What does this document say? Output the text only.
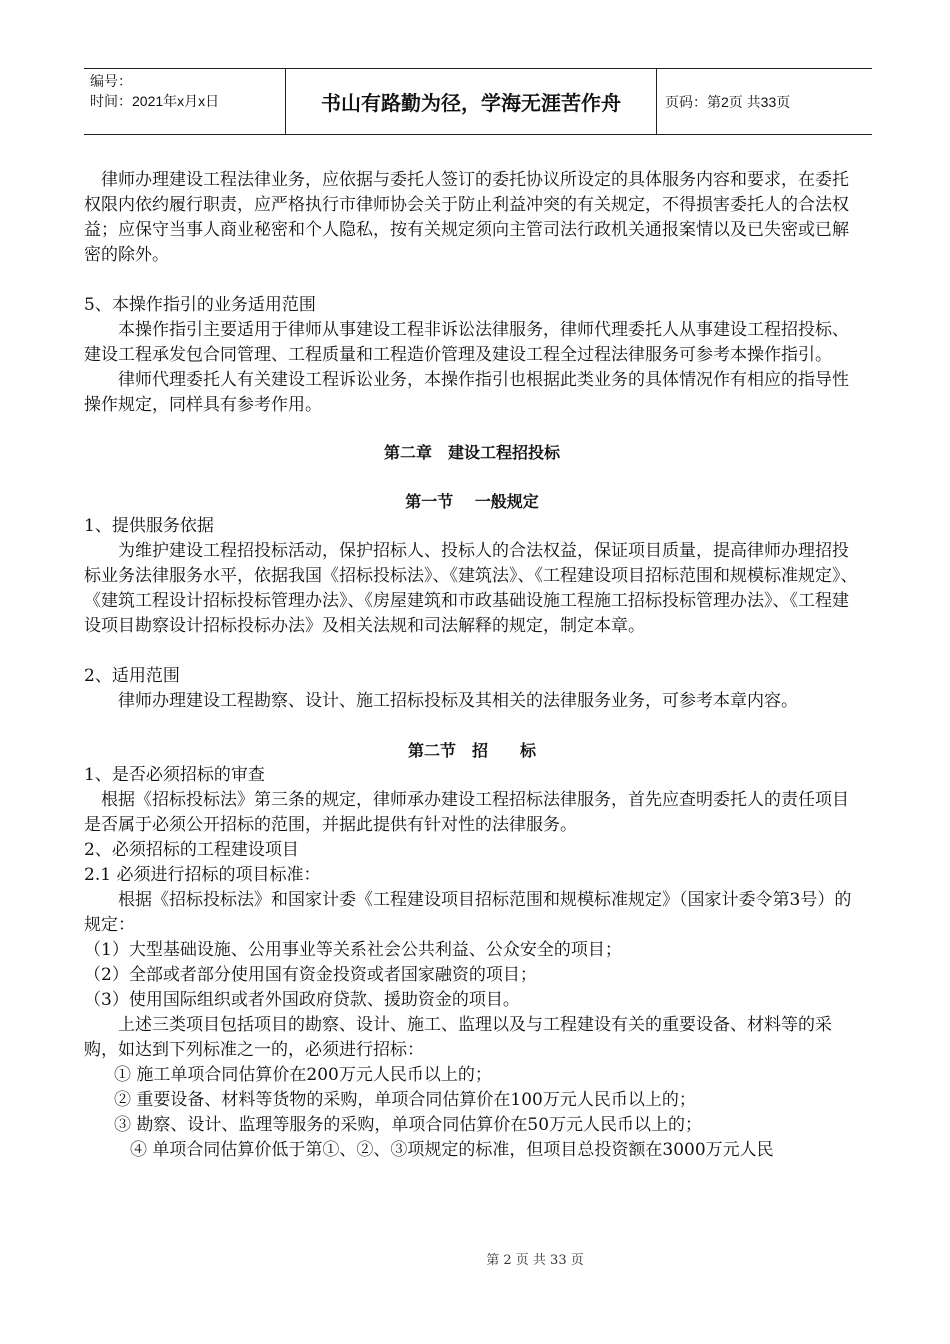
编号：
时间：2021年x月x日	书山有路勤为径，学海无涯苦作舟	页码：第2页 共33页

律师办理建设工程法律业务，应依据与委托人签订的委托协议所设定的具体服务内容和要求，在委托权限内依约履行职责，应严格执行市律师协会关于防止利益冲突的有关规定，不得损害委托人的合法权益；应保守当事人商业秘密和个人隐私，按有关规定须向主管司法行政机关通报案情以及已失密或已解密的除外。

5、本操作指引的业务适用范围

本操作指引主要适用于律师从事建设工程非诉讼法律服务，律师代理委托人从事建设工程招投标、建设工程承发包合同管理、工程质量和工程造价管理及建设工程全过程法律服务可参考本操作指引。

律师代理委托人有关建设工程诉讼业务，本操作指引也根据此类业务的具体情况作有相应的指导性操作规定，同样具有参考作用。

第二章　建设工程招投标

第一节　 一般规定

1、提供服务依据

为维护建设工程招投标活动，保护招标人、投标人的合法权益，保证项目质量，提高律师办理招投标业务法律服务水平，依据我国《招标投标法》、《建筑法》、《工程建设项目招标范围和规模标准规定》、《建筑工程设计招标投标管理办法》、《房屋建筑和市政基础设施工程施工招标投标管理办法》、《工程建设项目勘察设计招标投标办法》及相关法规和司法解释的规定，制定本章。

2、适用范围

律师办理建设工程勘察、设计、施工招标投标及其相关的法律服务业务，可参考本章内容。

第二节　招　　标

1、是否必须招标的审查

根据《招标投标法》第三条的规定，律师承办建设工程招标法律服务，首先应查明委托人的责任项目是否属于必须公开招标的范围，并据此提供有针对性的法律服务。

2、必须招标的工程建设项目

2.1 必须进行招标的项目标准：

根据《招标投标法》和国家计委《工程建设项目招标范围和规模标准规定》（国家计委令第3号）的规定：

（1）大型基础设施、公用事业等关系社会公共利益、公众安全的项目；

（2）全部或者部分使用国有资金投资或者国家融资的项目；

（3）使用国际组织或者外国政府贷款、援助资金的项目。

上述三类项目包括项目的勘察、设计、施工、监理以及与工程建设有关的重要设备、材料等的采购，如达到下列标准之一的，必须进行招标：

① 施工单项合同估算价在200万元人民币以上的；

② 重要设备、材料等货物的采购，单项合同估算价在100万元人民币以上的；

③ 勘察、设计、监理等服务的采购，单项合同估算价在50万元人民币以上的；

④ 单项合同估算价低于第①、②、③项规定的标准，但项目总投资额在3000万元人民

第 2 页 共 33 页
